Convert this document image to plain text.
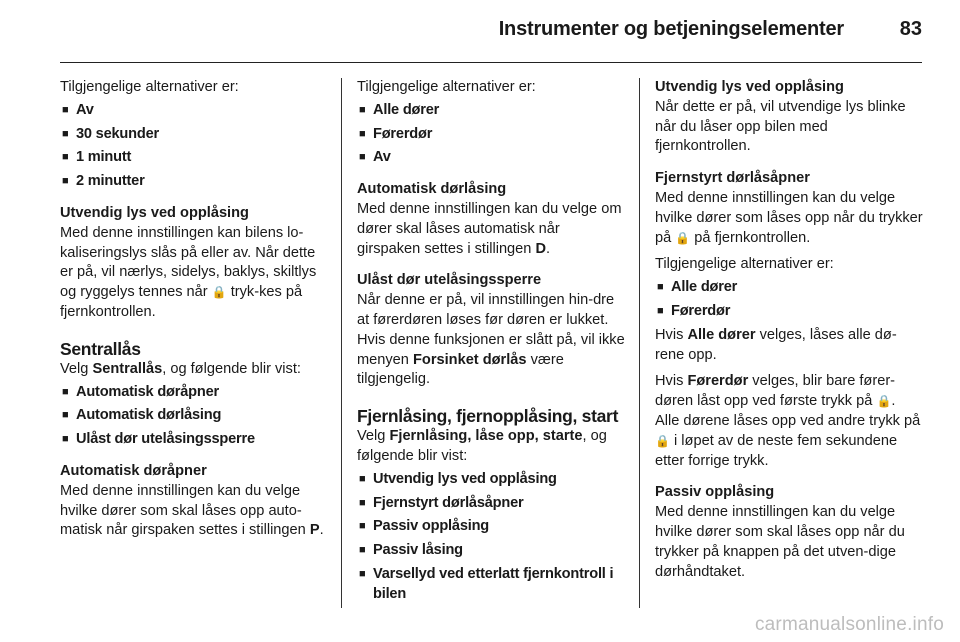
Instrumenter og betjeningselementer	83

Tilgjengelige alternativer er:

■ Av
■ 30 sekunder
■ 1 minutt
■ 2 minutter

Utvendig lys ved opplåsing

Med denne innstillingen kan bilens lo-kaliseringslys slås på eller av. Når dette er på, vil nærlys, sidelys, baklys, skiltlys og ryggelys tennes når 🔒 tryk-kes på fjernkontrollen.

Sentrallås

Velg Sentrallås, og følgende blir vist:

■ Automatisk døråpner
■ Automatisk dørlåsing
■ Ulåst dør utelåsingssperre

Automatisk døråpner

Med denne innstillingen kan du velge hvilke dører som skal låses opp auto-matisk når girspaken settes i stillingen P.

Tilgjengelige alternativer er:

■ Alle dører
■ Førerdør
■ Av

Automatisk dørlåsing

Med denne innstillingen kan du velge om dører skal låses automatisk når girspaken settes i stillingen D.

Ulåst dør utelåsingssperre

Når denne er på, vil innstillingen hin-dre at førerdøren løses før døren er lukket. Hvis denne funksjonen er slått på, vil ikke menyen Forsinket dørlås være tilgjengelig.

Fjernlåsing, fjernopplåsing, start

Velg Fjernlåsing, låse opp, starte, og følgende blir vist:

■ Utvendig lys ved opplåsing
■ Fjernstyrt dørlåsåpner
■ Passiv opplåsing
■ Passiv låsing
■ Varsellyd ved etterlatt fjernkontroll i bilen

Utvendig lys ved opplåsing

Når dette er på, vil utvendige lys blinke når du låser opp bilen med fjernkontrollen.

Fjernstyrt dørlåsåpner

Med denne innstillingen kan du velge hvilke dører som låses opp når du trykker på 🔒 på fjernkontrollen.

Tilgjengelige alternativer er:

■ Alle dører
■ Førerdør

Hvis Alle dører velges, låses alle dø-rene opp.

Hvis Førerdør velges, blir bare fører-døren låst opp ved første trykk på 🔒. Alle dørene låses opp ved andre trykk på 🔒 i løpet av de neste fem sekundene etter forrige trykk.

Passiv opplåsing

Med denne innstillingen kan du velge hvilke dører som skal låses opp når du trykker på knappen på det utven-dige dørhåndtaket.

carmanualsonline.info
